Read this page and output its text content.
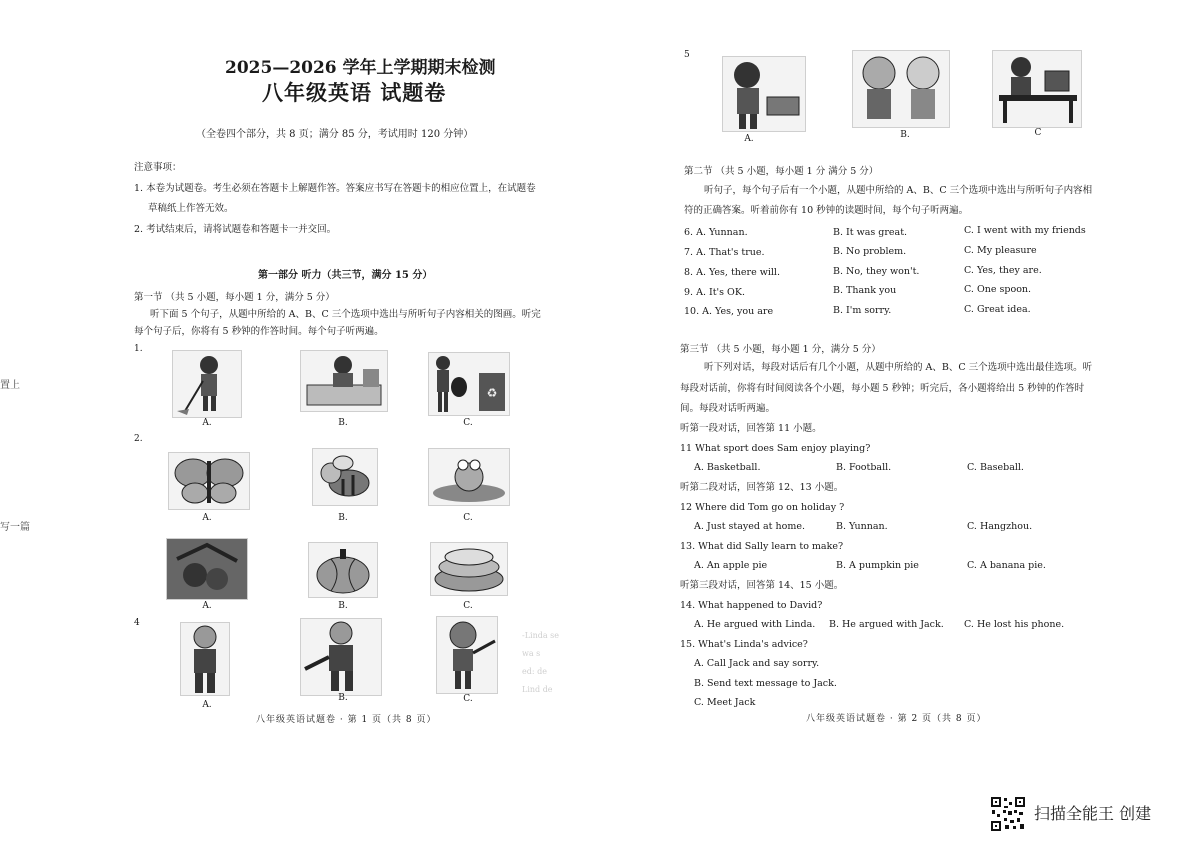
2025—2026 学年上学期期末检测
八年级英语 试题卷
（全卷四个部分，共 8 页；满分 85 分，考试用时 120 分钟）
注意事项：
1. 本卷为试题卷。考生必须在答题卡上解题作答。答案应书写在答题卡的相应位置上，在试题卷
草稿纸上作答无效。
2. 考试结束后，请将试题卷和答题卡一并交回。
第一部分 听力（共三节，满分 15 分）
第一节 （共 5 小题，每小题 1 分，满分 5 分）
听下面 5 个句子，从题中所给的 A、B、C 三个选项中选出与所听句子内容相关的图画。听完
每个句子后，你将有 5 秒钟的作答时间。每个句子听两遍。
1.
♻
A.	B.	C.
2.
A.	B.	C.
A.	B.	C.
4
A.
B.	C.
-Linda se
wa s
ed: de
Lind de
八年级英语试题卷 · 第 1 页（共 8 页）
置上
写一篇
5
A.	B.	C
第二节 （共 5 小题，每小题 1 分 满分 5 分）
听句子，每个句子后有一个小题，从题中所给的 A、B、C 三个选项中选出与所听句子内容相
符的正确答案。听着前你有 10 秒钟的读题时间，每个句子听两遍。
6. A. Yunnan.	B. It was great.	C. I went with my friends
7. A. That's true.	B. No problem.	C. My pleasure
8. A. Yes, there will.	B. No, they won't.	C. Yes, they are.
9. A. It's OK.	B. Thank you	C. One spoon.
10. A. Yes, you are	B. I'm sorry.	C. Great idea.
第三节 （共 5 小题，每小题 1 分，满分 5 分）
听下列对话，每段对话后有几个小题，从题中所给的 A、B、C 三个选项中选出最佳选项。听
每段对话前，你将有时间阅读各个小题，每小题 5 秒钟；听完后，各小题将给出 5 秒钟的作答时
间。每段对话听两遍。
听第一段对话，回答第 11 小题。
11 What sport does Sam enjoy playing?
A. Basketball.	B. Football.	C. Baseball.
听第二段对话，回答第 12、13 小题。
12 Where did Tom go on holiday ?
A. Just stayed at home.	B. Yunnan.	C. Hangzhou.
13. What did Sally learn to make?
A. An apple pie	B. A pumpkin pie	C. A banana pie.
听第三段对话，回答第 14、15 小题。
14. What happened to David?
A. He argued with Linda. B. He argued with Jack. C. He lost his phone.
15. What's Linda's advice?
A. Call Jack and say sorry.
B. Send text message to Jack.
C. Meet Jack
八年级英语试题卷 · 第 2 页（共 8 页）
扫描全能王 创建
